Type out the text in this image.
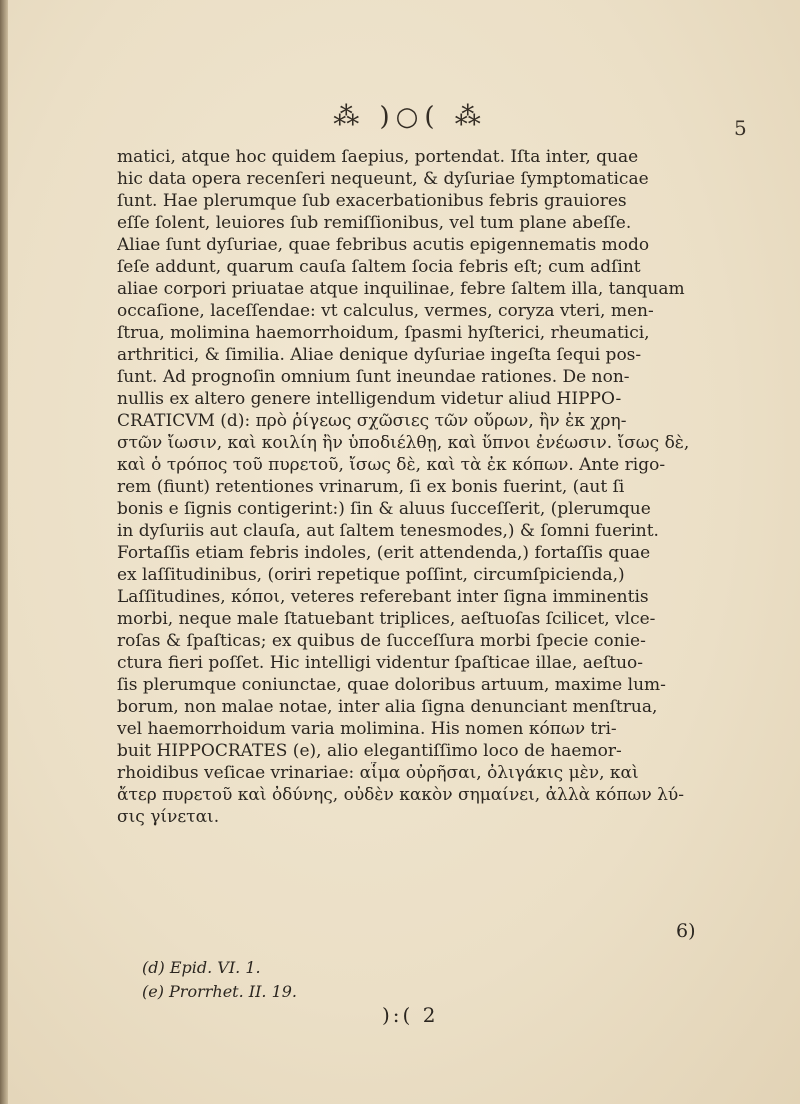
⁂ )○( ⁂	5
matici, atque hoc quidem ſaepius, portendat. Iſta inter, quae
hic data opera recenſeri nequeunt, & dyſuriae ſymptomaticae
ſunt. Hae plerumque ſub exacerbationibus febris grauiores
eſſe ſolent, leuiores ſub remiſſionibus, vel tum plane abeſſe.
Aliae ſunt dyſuriae, quae febribus acutis epigennematis modo
ſeſe addunt, quarum cauſa ſaltem ſocia febris eſt; cum adſint
aliae corpori priuatae atque inquilinae, febre ſaltem illa, tanquam
occaſione, laceſſendae: vt calculus, vermes, coryza vteri, men-
ſtrua, molimina haemorrhoidum, ſpasmi hyſterici, rheumatici,
arthritici, & ſimilia. Aliae denique dyſuriae ingeſta ſequi pos-
ſunt. Ad prognoſin omnium ſunt ineundae rationes. De non-
nullis ex altero genere intelligendum videtur aliud HIPPO-
CRATICVM (d): πρὸ ῥίγεως σχῶσιες τῶν οὔρων, ἢν ἐκ χρη-
στῶν ἴωσιν, καὶ κοιλίη ἢν ὑποδιέλθῃ, καὶ ὕπνοι ἐνέωσιν. ἴσως δὲ,
καὶ ὁ τρόπος τοῦ πυρετοῦ, ἴσως δὲ, καὶ τὰ ἐκ κόπων. Ante rigo-
rem (fiunt) retentiones vrinarum, ſi ex bonis fuerint, (aut ſi
bonis e ſignis contigerint:) ſin & aluus ſucceſſerit, (plerumque
in dyſuriis aut clauſa, aut ſaltem tenesmodes,) & ſomni fuerint.
Fortaſſis etiam febris indoles, (erit attendenda,) fortaſſis quae
ex laſſitudinibus, (oriri repetique poſſint, circumſpicienda,)
Laſſitudines, κόποι, veteres referebant inter ſigna imminentis
morbi, neque male ſtatuebant triplices, aeſtuoſas ſcilicet, vlce-
roſas & ſpaſticas; ex quibus de ſucceſſura morbi ſpecie conie-
ctura fieri poſſet. Hic intelligi videntur ſpaſticae illae, aeſtuo-
ſis plerumque coniunctae, quae doloribus artuum, maxime lum-
borum, non malae notae, inter alia ſigna denunciant menſtrua,
vel haemorrhoidum varia molimina. His nomen κόπων tri-
buit HIPPOCRATES (e), alio elegantiſſimo loco de haemor-
rhoidibus veſicae vrinariae: αἷμα οὐρῆσαι, ὀλιγάκις μὲν, καὶ
ἄτερ πυρετοῦ καὶ ὀδύνης, οὐδὲν κακὸν σημαίνει, ἀλλὰ κόπων λύ-
σις γίνεται.
6)
(d) Epid. VI. 1.
(e) Prorrhet. II. 19.
):( 2
